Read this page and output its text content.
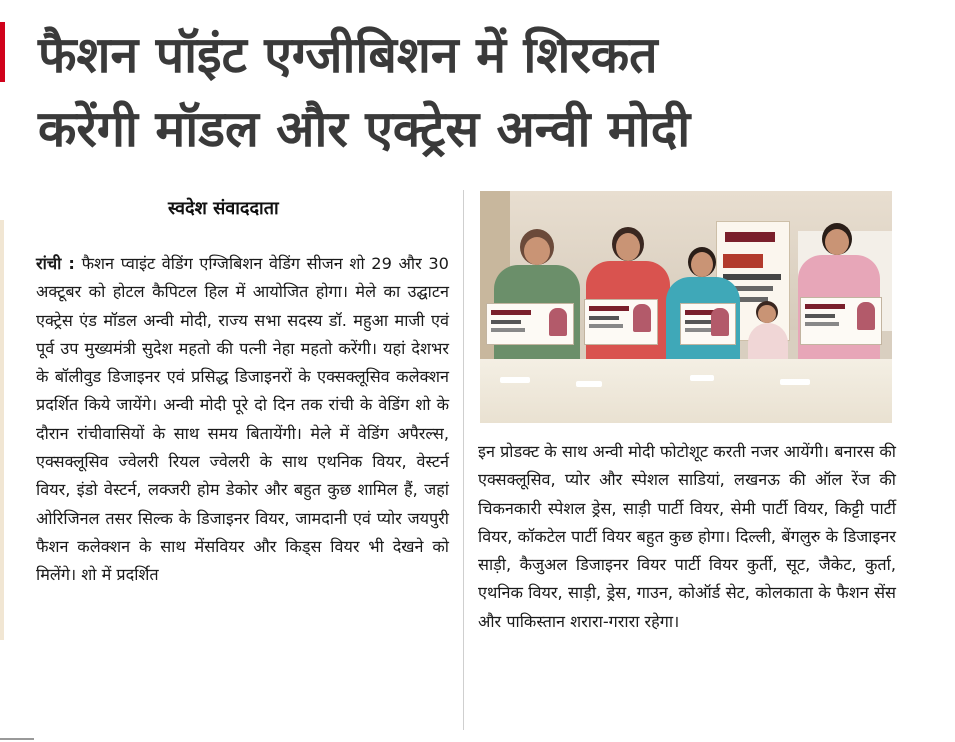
फैशन पॉइंट एग्जीबिशन में शिरकत
करेंगी मॉडल और एक्ट्रेस अन्वी मोदी
स्वदेश संवाददाता

रांची : फैशन प्वाइंट वेडिंग एग्जिबिशन वेडिंग सीजन शो 29 और 30 अक्टूबर को होटल कैपिटल हिल में आयोजित होगा। मेले का उद्घाटन एक्ट्रेस एंड मॉडल अन्वी मोदी, राज्य सभा सदस्य डॉ. महुआ माजी एवं पूर्व उप मुख्यमंत्री सुदेश महतो की पत्नी नेहा महतो करेंगी। यहां देशभर के बॉलीवुड डिजाइनर एवं प्रसिद्ध डिजाइनरों के एक्सक्लूसिव कलेक्शन प्रदर्शित किये जायेंगे। अन्वी मोदी पूरे दो दिन तक रांची के वेडिंग शो के दौरान रांचीवासियों के साथ समय बितायेंगी। मेले में वेडिंग अपैरल्स, एक्सक्लूसिव ज्वेलरी रियल ज्वेलरी के साथ एथनिक वियर, वेस्टर्न वियर, इंडो वेस्टर्न, लक्जरी होम डेकोर और बहुत कुछ शामिल हैं, जहां ओरिजिनल तसर सिल्क के डिजाइनर वियर, जामदानी एवं प्योर जयपुरी फैशन कलेक्शन के साथ मेंसवियर और किड्स वियर भी देखने को मिलेंगे। शो में प्रदर्शित

इन प्रोडक्ट के साथ अन्वी मोदी फोटोशूट करती नजर आयेंगी। बनारस की एक्सक्लूसिव, प्योर और स्पेशल साडियां, लखनऊ की ऑल रेंज की चिकनकारी स्पेशल ड्रेस, साड़ी पार्टी वियर, सेमी पार्टी वियर, किट्टी पार्टी वियर, कॉकटेल पार्टी वियर बहुत कुछ होगा। दिल्ली, बेंगलुरु के डिजाइनर साड़ी, कैजुअल डिजाइनर वियर पार्टी वियर कुर्ती, सूट, जैकेट, कुर्ता, एथनिक वियर, साड़ी, ड्रेस, गाउन, कोऑर्ड सेट, कोलकाता के फैशन सेंस और पाकिस्तान शरारा-गरारा रहेगा।
